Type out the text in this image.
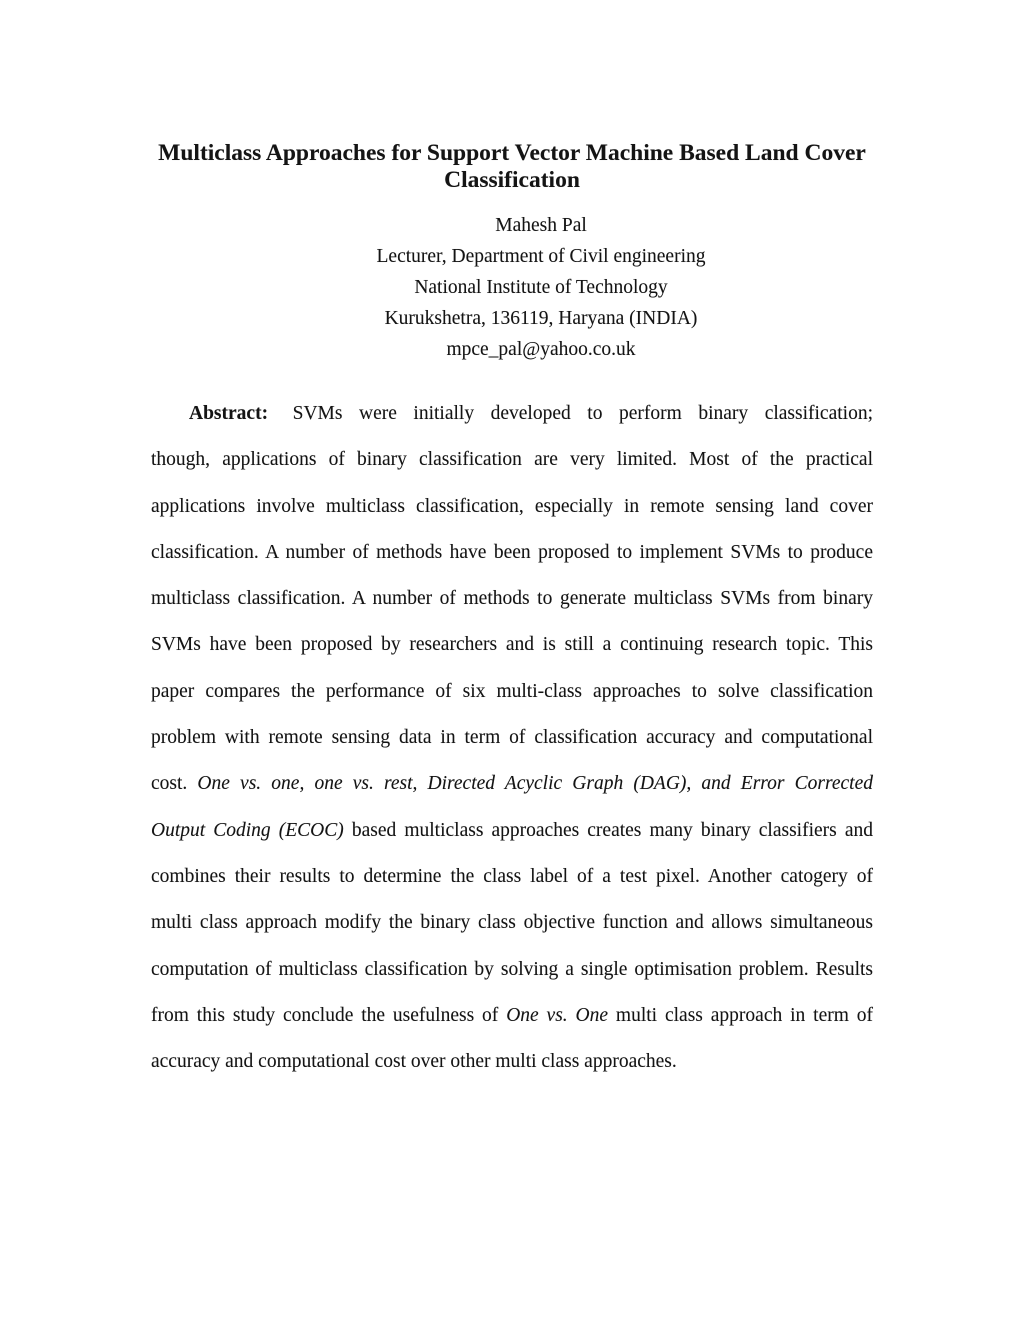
Multiclass Approaches for Support Vector Machine Based Land Cover
Classification
Mahesh Pal
Lecturer, Department of Civil engineering
National Institute of Technology
Kurukshetra, 136119, Haryana (INDIA)
mpce_pal@yahoo.co.uk
Abstract: SVMs were initially developed to perform binary classification;
though, applications of binary classification are very limited. Most of the practical
applications involve multiclass classification, especially in remote sensing land cover
classification. A number of methods have been proposed to implement SVMs to produce
multiclass classification. A number of methods to generate multiclass SVMs from binary
SVMs have been proposed by researchers and is still a continuing research topic. This
paper compares the performance of six multi-class approaches to solve classification
problem with remote sensing data in term of classification accuracy and computational
cost. One vs. one, one vs. rest, Directed Acyclic Graph (DAG), and Error Corrected
Output Coding (ECOC) based multiclass approaches creates many binary classifiers and
combines their results to determine the class label of a test pixel. Another catogery of
multi class approach modify the binary class objective function and allows simultaneous
computation of multiclass classification by solving a single optimisation problem. Results
from this study conclude the usefulness of One vs. One multi class approach in term of
accuracy and computational cost over other multi class approaches.
